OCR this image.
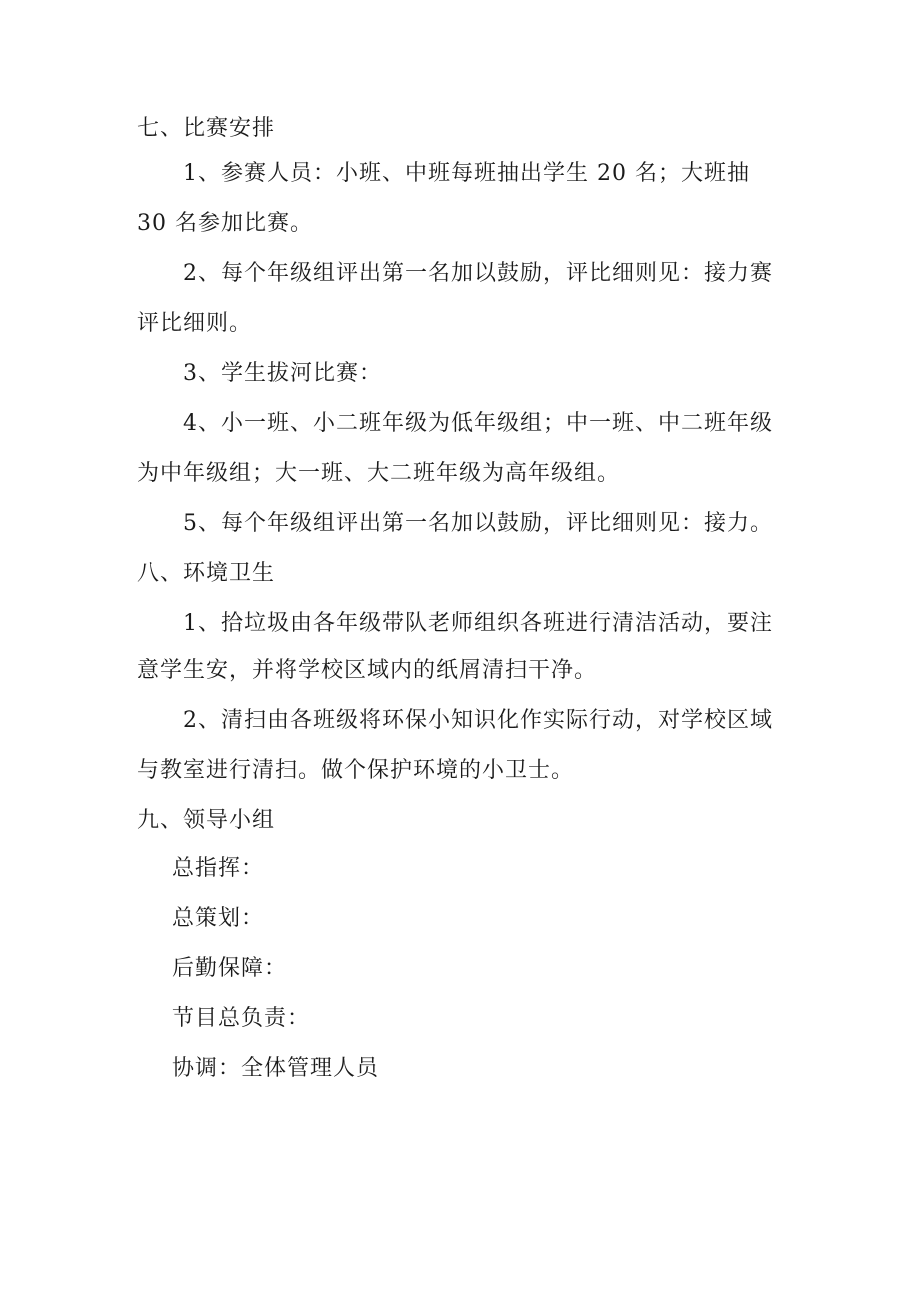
七、比赛安排
1、参赛人员：小班、中班每班抽出学生 20 名；大班抽
30 名参加比赛。
2、每个年级组评出第一名加以鼓励，评比细则见：接力赛
评比细则。
3、学生拔河比赛：
4、小一班、小二班年级为低年级组；中一班、中二班年级
为中年级组；大一班、大二班年级为高年级组。
5、每个年级组评出第一名加以鼓励，评比细则见：接力。
八、环境卫生
1、拾垃圾由各年级带队老师组织各班进行清洁活动，要注
意学生安，并将学校区域内的纸屑清扫干净。
2、清扫由各班级将环保小知识化作实际行动，对学校区域
与教室进行清扫。做个保护环境的小卫士。
九、领导小组
总指挥：
总策划：
后勤保障：
节目总负责：
协调：全体管理人员
